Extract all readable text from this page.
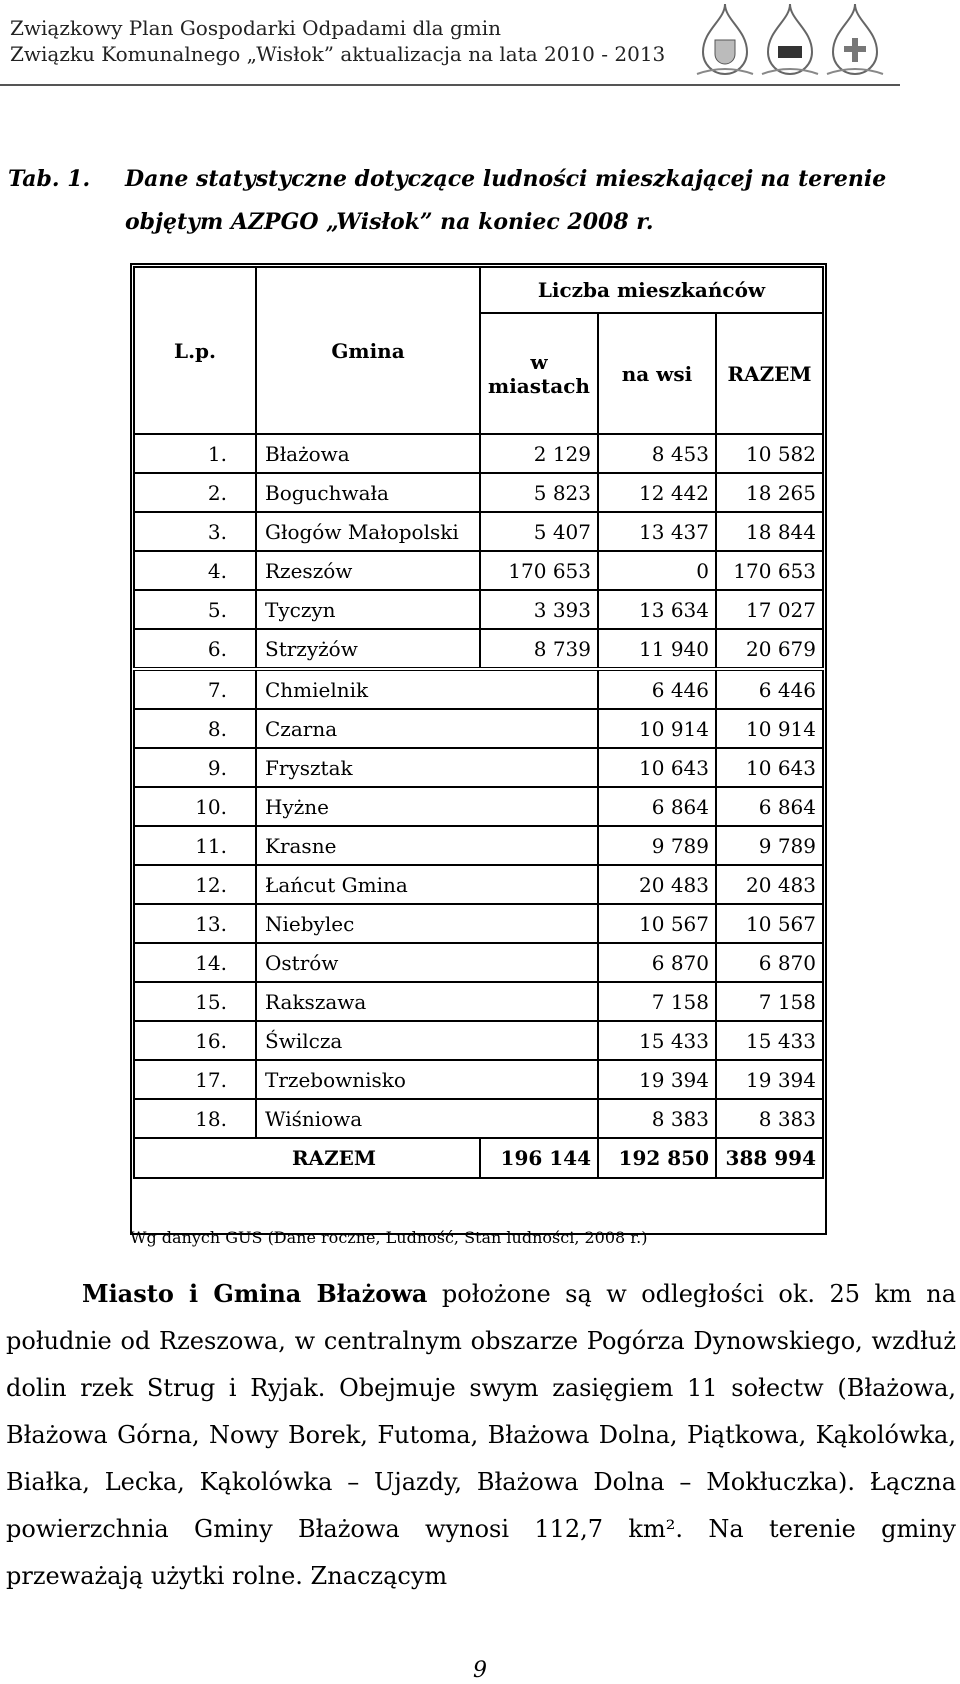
Związkowy Plan Gospodarki Odpadami dla gmin
Związku Komunalnego „Wisłok” aktualizacja na lata 2010 - 2013
Tab. 1. Dane statystyczne dotyczące ludności mieszkającej na terenie
objętym AZPGO „Wisłok” na koniec 2008 r.
L.p.	Gmina	Liczba mieszkańców		
		w miastach	na wsi	RAZEM
1.	Błażowa	2 129	8 453	10 582
2.	Boguchwała	5 823	12 442	18 265
3.	Głogów Małopolski	5 407	13 437	18 844
4.	Rzeszów	170 653	0	170 653
5.	Tyczyn	3 393	13 634	17 027
6.	Strzyżów	8 739	11 940	20 679
7.	Chmielnik		6 446	6 446
8.	Czarna		10 914	10 914
9.	Frysztak		10 643	10 643
10.	Hyżne		6 864	6 864
11.	Krasne		9 789	9 789
12.	Łańcut Gmina		20 483	20 483
13.	Niebylec		10 567	10 567
14.	Ostrów		6 870	6 870
15.	Rakszawa		7 158	7 158
16.	Świlcza		15 433	15 433
17.	Trzebownisko		19 394	19 394
18.	Wiśniowa		8 383	8 383
RAZEM		196 144	192 850	388 994
Wg danych GUS (Dane roczne, Ludność, Stan ludności, 2008 r.)
Miasto i Gmina Błażowa położone są w odległości ok. 25 km na południe od Rzeszowa, w centralnym obszarze Pogórza Dynowskiego, wzdłuż dolin rzek Strug i Ryjak. Obejmuje swym zasięgiem 11 sołectw (Błażowa, Błażowa Górna, Nowy Borek, Futoma, Błażowa Dolna, Piątkowa, Kąkolówka, Białka, Lecka, Kąkolówka – Ujazdy, Błażowa Dolna – Mokłuczka). Łączna powierzchnia Gminy Błażowa wynosi 112,7 km². Na terenie gminy przeważają użytki rolne. Znaczącym
9
